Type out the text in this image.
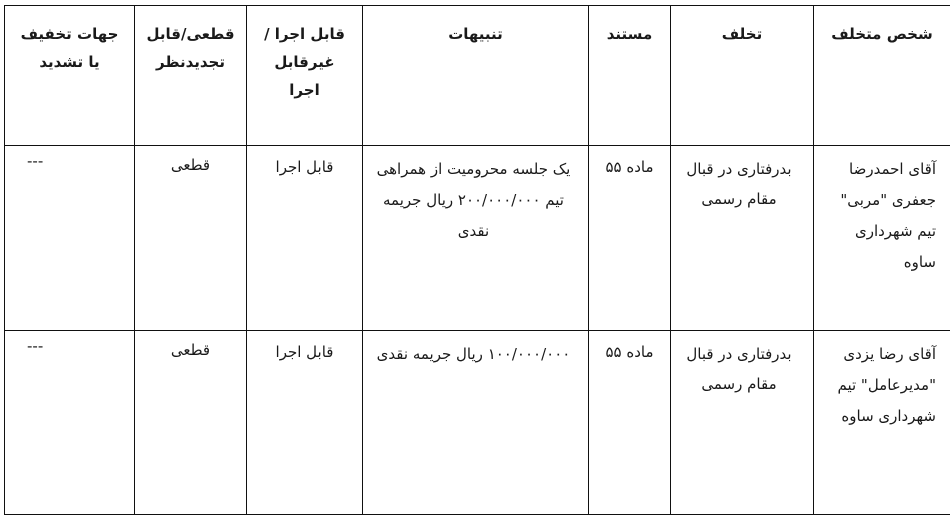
شخص متخلف	تخلف	مستند	تنبیهات	قابل اجرا /غیرقابل اجرا	قطعی/قابل تجدیدنظر	جهات تخفیف یا تشدید
آقای احمدرضا جعفری "مربی" تیم شهرداری ساوه	بدرفتاری در قبال مقام رسمی	ماده ۵۵	یک جلسه محرومیت از همراهی تیم ۲۰۰/۰۰۰/۰۰۰ ریال جریمه نقدی	قابل اجرا	قطعی	---
آقای رضا یزدی "مدیرعامل" تیم شهرداری ساوه	بدرفتاری در قبال مقام رسمی	ماده ۵۵	۱۰۰/۰۰۰/۰۰۰ ریال جریمه نقدی	قابل اجرا	قطعی	---
